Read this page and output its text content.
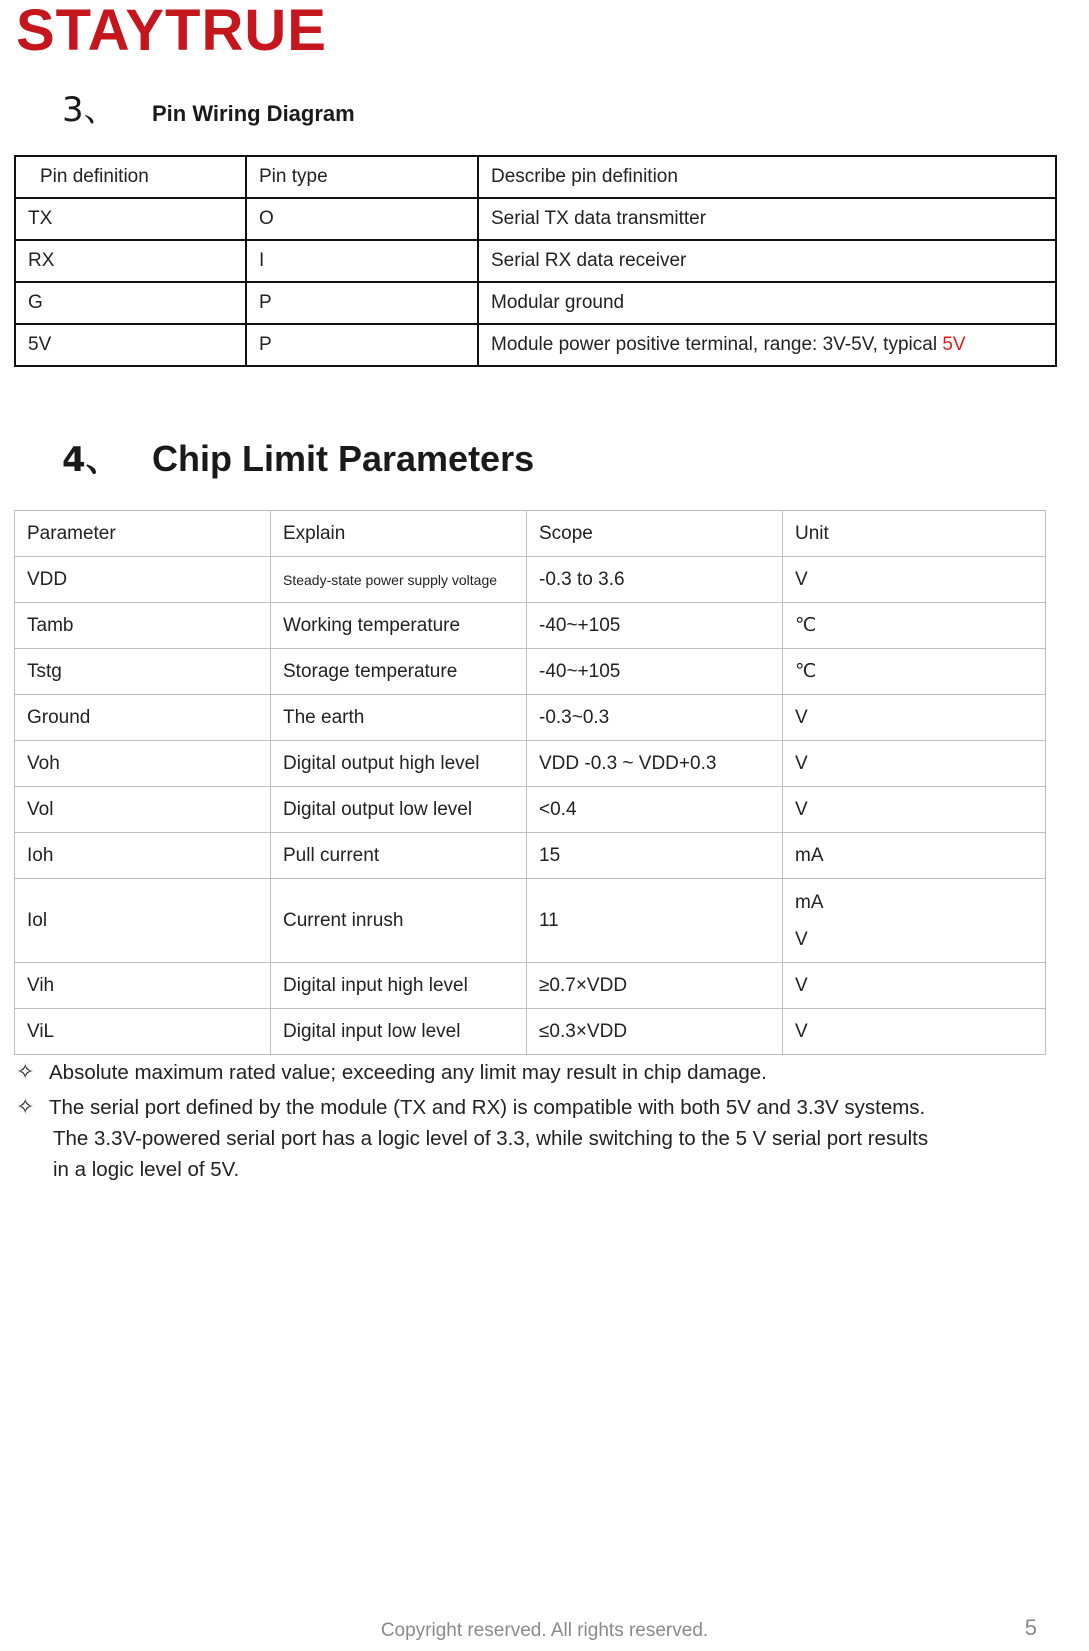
STAYTRUE
3、	Pin Wiring Diagram
Pin definition	Pin type	Describe pin definition
TX	O	Serial TX data transmitter
RX	I	Serial RX data receiver
G	P	Modular ground
5V	P	Module power positive terminal, range: 3V-5V, typical 5V
4、 Chip Limit Parameters
Parameter	Explain	Scope	Unit
VDD	Steady-state power supply voltage	-0.3 to 3.6	V
Tamb	Working temperature	-40~+105	℃
Tstg	Storage temperature	-40~+105	℃
Ground	The earth	-0.3~0.3	V
Voh	Digital output high level	VDD -0.3 ~ VDD+0.3	V
Vol	Digital output low level	<0.4	V
Ioh	Pull current	15	mA
Iol	Current inrush	11	mA
V

Vih	Digital input high level	≥0.7×VDD	V
ViL	Digital input low level	≤0.3×VDD	V
✧ Absolute maximum rated value; exceeding any limit may result in chip damage.
✧ The serial port defined by the module (TX and RX) is compatible with both 5V and 3.3V systems. The 3.3V-powered serial port has a logic level of 3.3, while switching to the 5 V serial port results in a logic level of 5V.
Copyright reserved. All rights reserved.	5
